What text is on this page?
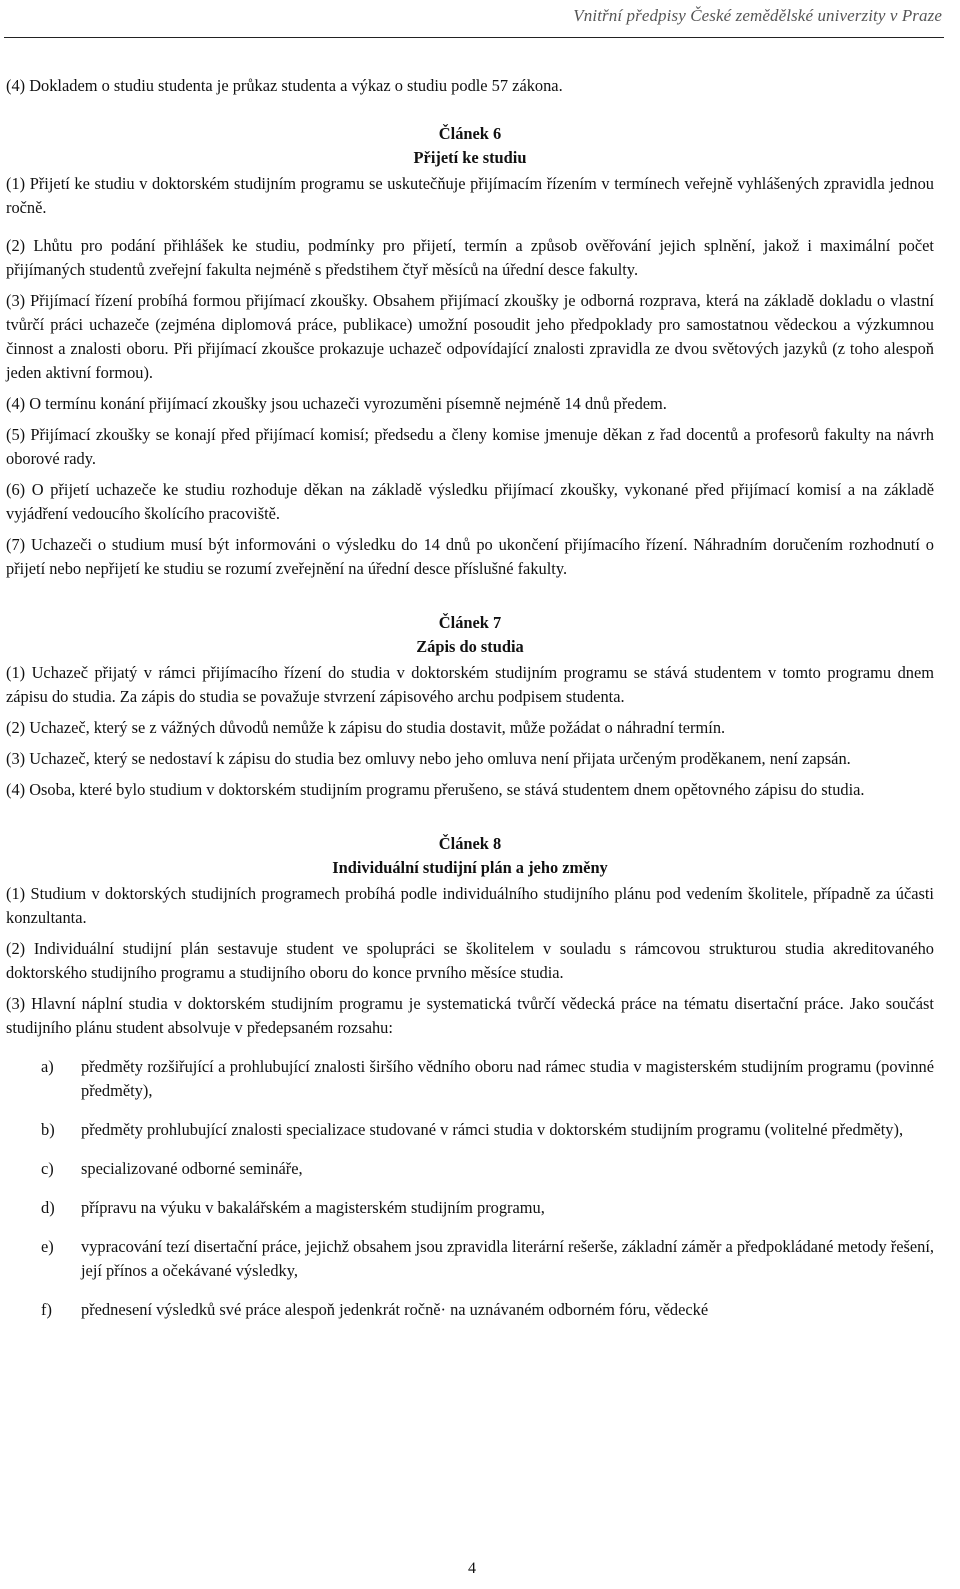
Vnitřní předpisy České zemědělské univerzity v Praze

(4) Dokladem o studiu studenta je průkaz studenta a výkaz o studiu podle 57 zákona.

Článek 6
Přijetí ke studiu

(1) Přijetí ke studiu v doktorském studijním programu se uskutečňuje přijímacím řízením v termínech veřejně vyhlášených zpravidla jednou ročně.

(2) Lhůtu pro podání přihlášek ke studiu, podmínky pro přijetí, termín a způsob ověřování jejich splnění, jakož i maximální počet přijímaných studentů zveřejní fakulta nejméně s předstihem čtyř měsíců na úřední desce fakulty.

(3) Přijímací řízení probíhá formou přijímací zkoušky. Obsahem přijímací zkoušky je odborná rozprava, která na základě dokladu o vlastní tvůrčí práci uchazeče (zejména diplomová práce, publikace) umožní posoudit jeho předpoklady pro samostatnou vědeckou a výzkumnou činnost a znalosti oboru. Při přijímací zkoušce prokazuje uchazeč odpovídající znalosti zpravidla ze dvou světových jazyků (z toho alespoň jeden aktivní formou).

(4) O termínu konání přijímací zkoušky jsou uchazeči vyrozuměni písemně nejméně 14 dnů předem.

(5) Přijímací zkoušky se konají před přijímací komisí; předsedu a členy komise jmenuje děkan z řad docentů a profesorů fakulty na návrh oborové rady.

(6) O přijetí uchazeče ke studiu rozhoduje děkan na základě výsledku přijímací zkoušky, vykonané před přijímací komisí a na základě vyjádření vedoucího školícího pracoviště.

(7) Uchazeči o studium musí být informováni o výsledku do 14 dnů po ukončení přijímacího řízení. Náhradním doručením rozhodnutí o přijetí nebo nepřijetí ke studiu se rozumí zveřejnění na úřední desce příslušné fakulty.

Článek 7
Zápis do studia

(1) Uchazeč přijatý v rámci přijímacího řízení do studia v doktorském studijním programu se stává studentem v tomto programu dnem zápisu do studia. Za zápis do studia se považuje stvrzení zápisového archu podpisem studenta.

(2) Uchazeč, který se z vážných důvodů nemůže k zápisu do studia dostavit, může požádat o náhradní termín.

(3) Uchazeč, který se nedostaví k zápisu do studia bez omluvy nebo jeho omluva není přijata určeným proděkanem, není zapsán.

(4) Osoba, které bylo studium v doktorském studijním programu přerušeno, se stává studentem dnem opětovného zápisu do studia.

Článek 8
Individuální studijní plán a jeho změny

(1) Studium v doktorských studijních programech probíhá podle individuálního studijního plánu pod vedením školitele, případně za účasti konzultanta.

(2) Individuální studijní plán sestavuje student ve spolupráci se školitelem v souladu s rámcovou strukturou studia akreditovaného doktorského studijního programu a studijního oboru do konce prvního měsíce studia.

(3) Hlavní náplní studia v doktorském studijním programu je systematická tvůrčí vědecká práce na tématu disertační práce. Jako součást studijního plánu student absolvuje v předepsaném rozsahu:

a)	předměty rozšiřující a prohlubující znalosti širšího vědního oboru nad rámec studia v magisterském studijním programu (povinné předměty),
b)	předměty prohlubující znalosti specializace studované v rámci studia v doktorském studijním programu (volitelné předměty),
c)	specializované odborné semináře,
d)	přípravu na výuku v bakalářském a magisterském studijním programu,
e)	vypracování tezí disertační práce, jejichž obsahem jsou zpravidla literární rešerše, základní záměr a předpokládané metody řešení, její přínos a očekávané výsledky,
f)	přednesení výsledků své práce alespoň jedenkrát ročně· na uznávaném odborném fóru, vědecké
4
